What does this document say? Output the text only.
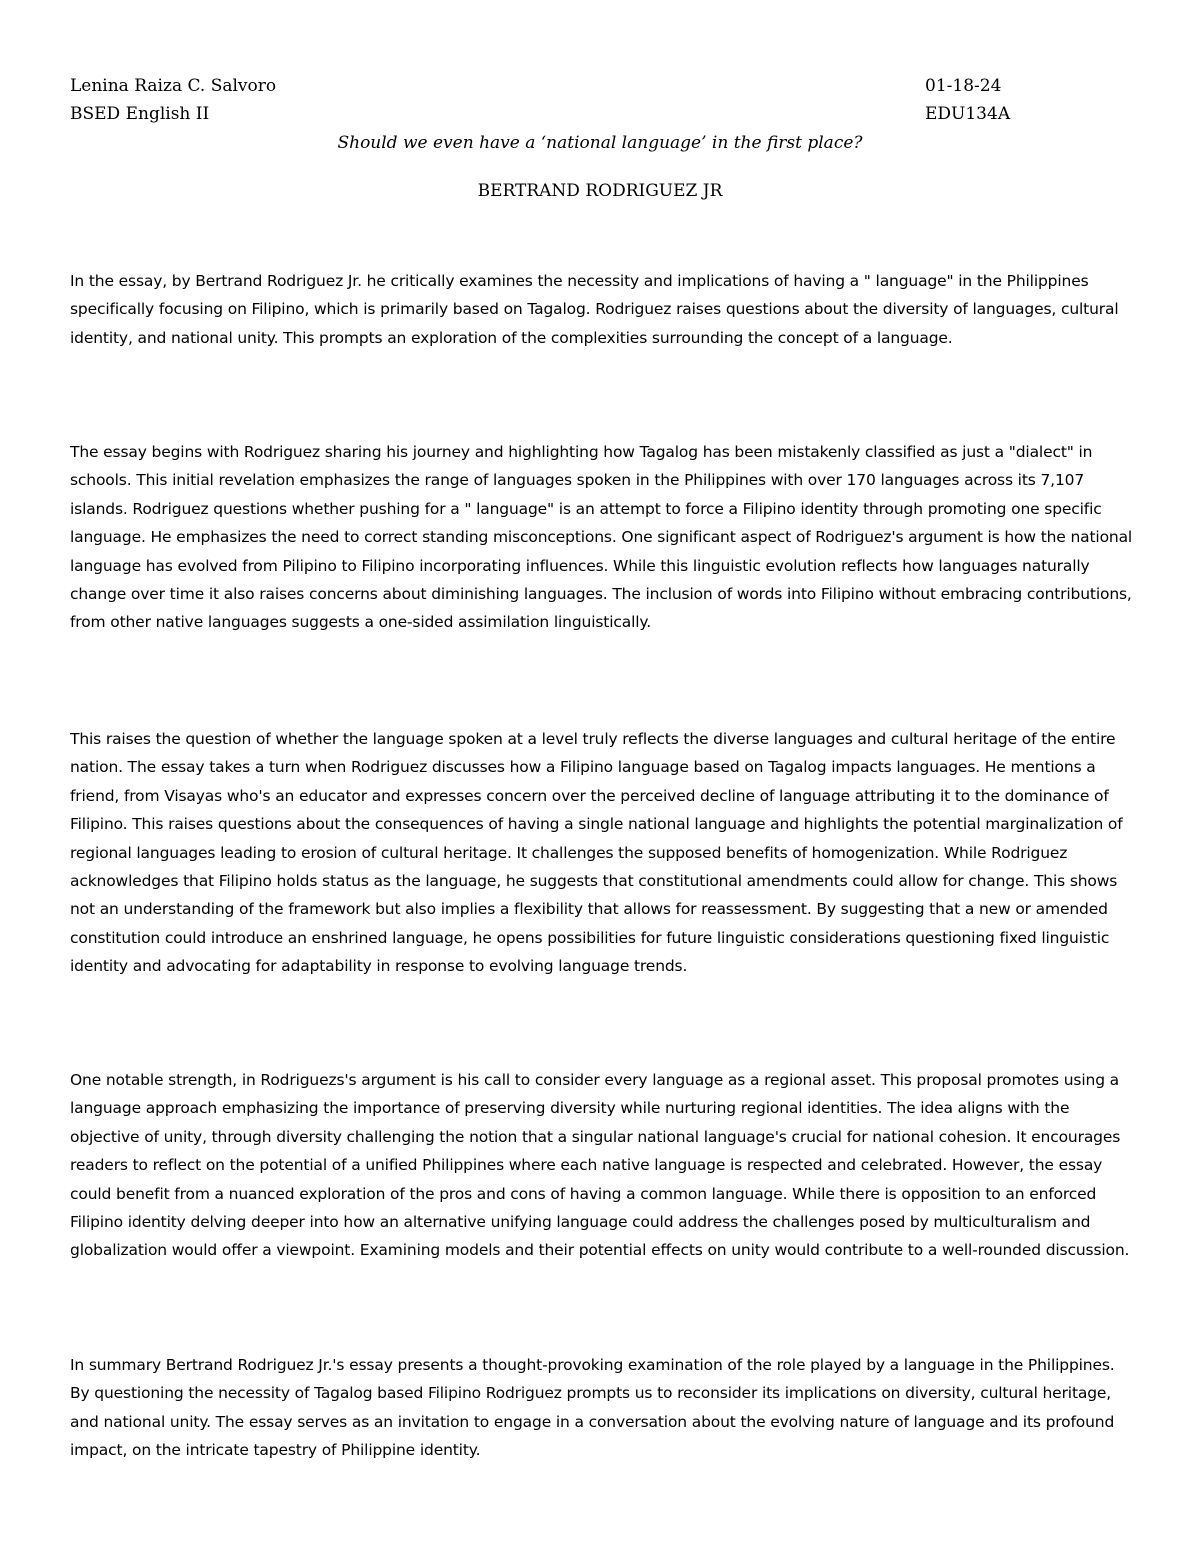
Lenina Raiza C. Salvoro
BSED English II
01-18-24
EDU134A
Should we even have a ‘national language’ in the first place?
BERTRAND RODRIGUEZ JR

In the essay, by Bertrand Rodriguez Jr. he critically examines the necessity and implications of having a " language" in the Philippines specifically focusing on Filipino, which is primarily based on Tagalog. Rodriguez raises questions about the diversity of languages, cultural identity, and national unity. This prompts an exploration of the complexities surrounding the concept of a language.

The essay begins with Rodriguez sharing his journey and highlighting how Tagalog has been mistakenly classified as just a "dialect" in schools. This initial revelation emphasizes the range of languages spoken in the Philippines with over 170 languages across its 7,107 islands. Rodriguez questions whether pushing for a " language" is an attempt to force a Filipino identity through promoting one specific language. He emphasizes the need to correct standing misconceptions. One significant aspect of Rodriguez's argument is how the national language has evolved from Pilipino to Filipino incorporating influences. While this linguistic evolution reflects how languages naturally change over time it also raises concerns about diminishing languages. The inclusion of words into Filipino without embracing contributions, from other native languages suggests a one-sided assimilation linguistically.

This raises the question of whether the language spoken at a level truly reflects the diverse languages and cultural heritage of the entire nation. The essay takes a turn when Rodriguez discusses how a Filipino language based on Tagalog impacts languages. He mentions a friend, from Visayas who's an educator and expresses concern over the perceived decline of language attributing it to the dominance of Filipino. This raises questions about the consequences of having a single national language and highlights the potential marginalization of regional languages leading to erosion of cultural heritage. It challenges the supposed benefits of homogenization. While Rodriguez acknowledges that Filipino holds status as the language, he suggests that constitutional amendments could allow for change. This shows not an understanding of the framework but also implies a flexibility that allows for reassessment. By suggesting that a new or amended constitution could introduce an enshrined language, he opens possibilities for future linguistic considerations questioning fixed linguistic identity and advocating for adaptability in response to evolving language trends.

One notable strength, in Rodriguezs's argument is his call to consider every language as a regional asset. This proposal promotes using a language approach emphasizing the importance of preserving diversity while nurturing regional identities. The idea aligns with the objective of unity, through diversity challenging the notion that a singular national language's crucial for national cohesion. It encourages readers to reflect on the potential of a unified Philippines where each native language is respected and celebrated. However, the essay could benefit from a nuanced exploration of the pros and cons of having a common language. While there is opposition to an enforced Filipino identity delving deeper into how an alternative unifying language could address the challenges posed by multiculturalism and globalization would offer a viewpoint. Examining models and their potential effects on unity would contribute to a well-rounded discussion.

In summary Bertrand Rodriguez Jr.'s essay presents a thought-provoking examination of the role played by a language in the Philippines. By questioning the necessity of Tagalog based Filipino Rodriguez prompts us to reconsider its implications on diversity, cultural heritage, and national unity. The essay serves as an invitation to engage in a conversation about the evolving nature of language and its profound impact, on the intricate tapestry of Philippine identity.
